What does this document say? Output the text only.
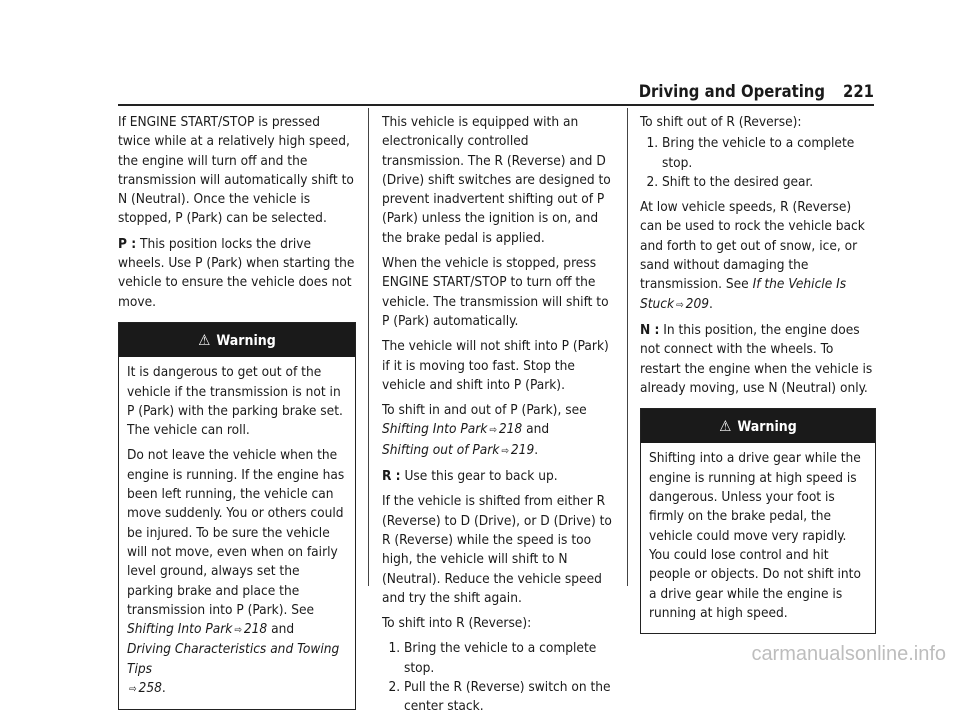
Driving and Operating 221

If ENGINE START/STOP is pressed twice while at a relatively high speed, the engine will turn off and the transmission will automatically shift to N (Neutral). Once the vehicle is stopped, P (Park) can be selected.

P : This position locks the drive wheels. Use P (Park) when starting the vehicle to ensure the vehicle does not move.

⚠ Warning

It is dangerous to get out of the vehicle if the transmission is not in P (Park) with the parking brake set. The vehicle can roll.

Do not leave the vehicle when the engine is running. If the engine has been left running, the vehicle can move suddenly. You or others could be injured. To be sure the vehicle will not move, even when on fairly level ground, always set the parking brake and place the transmission into P (Park). See Shifting Into Park ⇨ 218 and
Driving Characteristics and Towing Tips
⇨ 258.

This vehicle is equipped with an electronically controlled transmission. The R (Reverse) and D (Drive) shift switches are designed to prevent inadvertent shifting out of P (Park) unless the ignition is on, and the brake pedal is applied.

When the vehicle is stopped, press ENGINE START/STOP to turn off the vehicle. The transmission will shift to P (Park) automatically.

The vehicle will not shift into P (Park) if it is moving too fast. Stop the vehicle and shift into P (Park).

To shift in and out of P (Park), see Shifting Into Park ⇨ 218 and
Shifting out of Park ⇨ 219.

R : Use this gear to back up.

If the vehicle is shifted from either R (Reverse) to D (Drive), or D (Drive) to R (Reverse) while the speed is too high, the vehicle will shift to N (Neutral). Reduce the vehicle speed and try the shift again.

To shift into R (Reverse):

1. Bring the vehicle to a complete stop.
2. Pull the R (Reverse) switch on the center stack.

To shift out of R (Reverse):

1. Bring the vehicle to a complete stop.
2. Shift to the desired gear.

At low vehicle speeds, R (Reverse) can be used to rock the vehicle back and forth to get out of snow, ice, or sand without damaging the transmission. See If the Vehicle Is Stuck ⇨ 209.

N : In this position, the engine does not connect with the wheels. To restart the engine when the vehicle is already moving, use N (Neutral) only.

⚠ Warning

Shifting into a drive gear while the engine is running at high speed is dangerous. Unless your foot is firmly on the brake pedal, the vehicle could move very rapidly. You could lose control and hit people or objects. Do not shift into a drive gear while the engine is running at high speed.

carmanualsonline.info
